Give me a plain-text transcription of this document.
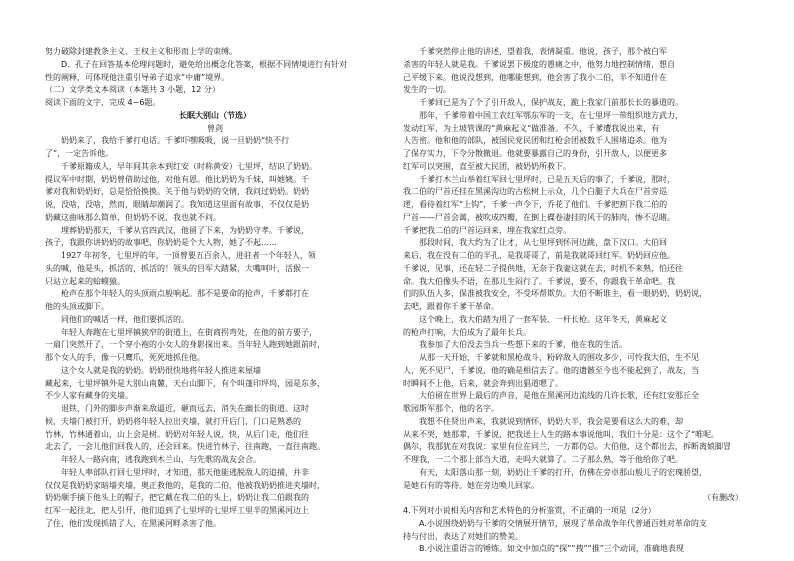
努力破除封建教条主义、王权主义和形而上学的束缚。

　　D．孔子在回答基本伦理问题时，避免给出概念化答案，根据不同情境进行有针对

性的阐释，可体现他注重引导弟子追求“中庸”境界。

（二）文学类文本阅读（本题共 3 小题，12 分）

阅读下面的文字，完成 4~6题。

长眠大别山（节选）

曾剑

　　奶奶来了，我给千爹打电话。千爹吓嘿吸吸，说一旦奶奶“快不行

了”，一定告诉他。

　　千爹原籍成人，早年间其亲本到红安（时称黄安）七里坪，结识了奶奶。

提议军中时期，奶奶曾借助过他，对他有恩。他比奶奶为千妹，叫她姨。千

爹对我和奶奶好，总是恰恰换换。关于他与奶奶的交情，我问过奶奶。奶奶

说，没啥，没啥，然而，眼睛却潮润了。我知道这里面有故事，不仅仅是奶

奶藏这曲咏那么简单，但奶奶不说，我也就不问。

　　埋葬奶奶那天，千爹从官四武汉，他留了下来，为奶奶守孝。千爹说，

孩子，我跟你讲奶奶的故事吧，你奶奶是个大人物，她了不起……

　　1927 年初冬，七里坪的年，一顶曾要五百余人，进驻者一个年轻人，领

头的喊，他是头，抓活的，抓活的！领头的目军大踏紧，大嘴呵叶，活猴一

只站立起来的蛤蟆猿。

　　枪声在那个年轻人的头顶雨点般响起。那不是要命的抢声，千爹都打在

他的头顶或脚下。

　　同他们的喊话一样，他们要抓活的。

　　年轻人奔跑在七里坪镇狭窄的街道上，在街商拐弯处，在他的前方要子，

一扇门突然开了，一个穿小袍的小女人的身影探出来。当年轻人跑到她跟前时，

那个女人的手，像一只鹰爪，死死地抓住他。

　　这个女人就是我的奶奶。奶奶很快地将年轻人推进来屋墙

藏起来，七里坪镇外是大别山南麓，天台山脚下，有个叫蓬印坪坞，园是东多，

不少人家有藏身的夹墙。

　　退铁，门外的脚步声渐来敌逼近，砸而远去，消失在幽长的街道。这时

候，夫墙门被打开，奶奶将年轻人拉出夹墙，就打开后门，门口是熟悉的

竹林，竹林通着山，山上会是树。奶奶对年轻人说，快，从后门走，他们往

北去了，一会儿他们回我人的，还会回来。快进竹林子，往南跑，一直往南跑。

　　年轻人一路向南，逃我跑到木兰山，与先歌的战友会合。

　　年轻人率部队打回七里坪时，才知道，那天他能逃脱敌人的追捕，并非

仅仅是我奶奶家暗墙夹墙，奥正救他的，是我的二伯，他被我奶奶推进夹墙时，

奶奶顺手摘下他头上的帽子，把它戴在我二伯的头上，奶奶让我二伯跟我的

红军一起往北，把人引开，他们追到了七里坪的七里坪工里半的黑溪河边上

了住，他们发现抓错了人，在黑溪河畔杀害了他。

　　千爹突然停止他的讲述，望着我，表情凝重。他说，孩子，那个被白军

杀害的年轻人就是我。千爹说罢下极度的愚痛之中，他努力地控制情绪，想自

己平缓下来。他说没想到，他哪能想到，他会害了我小二伯，半不知道什在

发生的一切。

　　千爹回已是为了个了引开敌人，保护战友，跪上我家门前那长长的暴道的。

　　那年，千爹带着中国工农红军鄂东军的一支，在七里坪一带组织地方武力，

发动红军，为土坡管课的“黄麻起义”做准备。不久，千爹遭我说出来，有

人告密。他和他的部队，被国民党民团和红枪会团被数千人围堵追杀。他为

了保存实力，下令分散撤退。他就要暴露自己的身份，引开敌人，以便更多

红军可以突围，直至被大民团，被奶奶所救下。

　　千爹打木兰山举着红军回七里坪时，已是五天后的事了，千爹说，那时，

我二伯的尸首还挂在黑溪沟边的古松树上示众，几个白腿子大兵在尸首旁巡

逻，看待着红军“上钩”，千爹一声令下，乔花了他们。千爹把割下我二伯的

尸首——尸首会萬，被吹成四瓣，在倒上碟卷凄挂的风干的肺肉，惨不忍睹。

千爹把我二伯的尸首运回来，埋在我家红点旁。

　　那段时间，我大约为了让才，从七里坪到怀河边跳，盘下汉口。大伯回

来后，我在没有二伯的半孔，是我哥哥了，前是我就哥回红军。奶奶回应他。

千爹说，见事，还在轻二子提供地，无奈于我妻这就在去，时机不来熟，怕还往

命。我大伯像头不语，在那儿生闷行了。千爹说，要不，你跟我干革命吧。我

们的队伍人多，保准被我安全，不受坏帮欺负。大伯不断谁主，看一眼奶奶，奶奶说，

去吧，跟着你千爹干革命。

　　这个晚上，我大伯踏为用了一套军装、一杆长枪。这年冬天，黄麻起义

的枪声打响，大伯成为了最年长兵。

　　我参加了大伯没去当兵一些想下来的千爹，他在我的生活。

　　从那一天开始，千爹就和黑枪战斗，粉碎敌人的围攻多少，可怜我大伯，生不见

人，死不见尸，千爹说，他的确是相信去了。他的遗骸至今也不能起到了，战友，当

时瞬间不上他，后来，就会奔到出猖道嗯了。

　　大伯留在世界上最后的声音，是他在黑溪河边流线的几许长歌，还有红安那丘全

歌园斯军那个，他的名字。

　　我想不住贤出声来，我就说到情怀，奶奶大半，我会是要看这么大的难，却

从来不哭，她那辈，千爹说，把我送上人生的路本事说他叫，我们十分是：这个了“唯呢。

偶尔，我那犹在对我说：家里有位在同兰，一万都仍总。大伯他，这个都出去，拆断离娘脚冒

不理我，一二个那上部当大道，走吗大就算了。二子那么熟，等于他给你了吧。

　　有天，太阳落山那一刻，奶奶让千爹的打开，仿佛在旁卓那山般儿子的宏瑰骄望，

是她石有的等待。她在旁边唤儿回家。

（有删改）

4.下列对小说相关内容和艺术特色的分析鉴赏，不正确的一项是（2分）

　　A.小说围绕奶奶与干爹的交情展开情节，展现了革命战争年代普通百姓对革命的支

持与付出，表达了对她们的赞美。

　　B.小说注重语言的锤炼。如文中加点的“探”“拽”“推”三个动词，准确地表现
